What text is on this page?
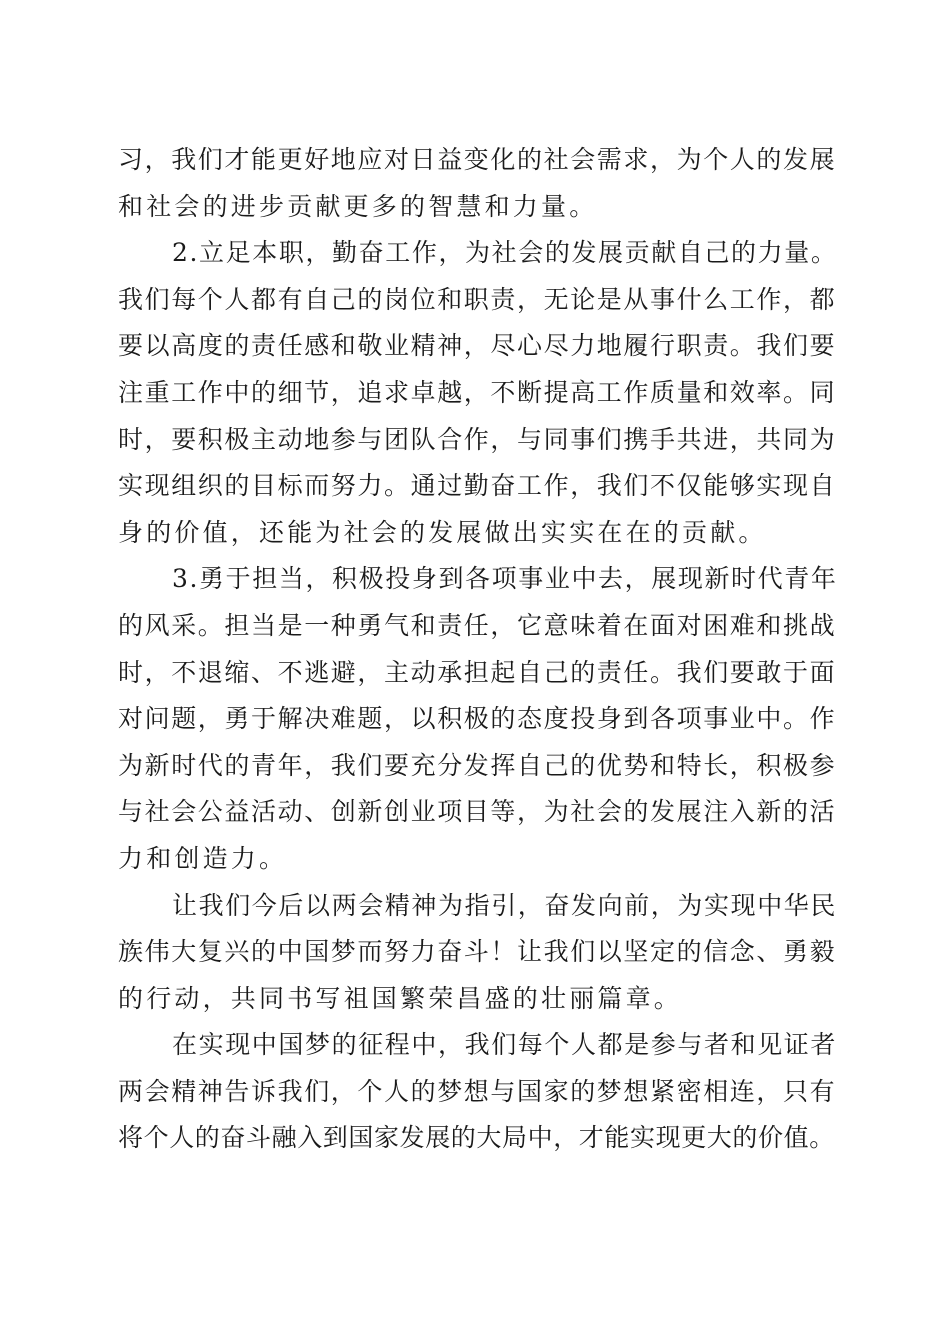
习，我们才能更好地应对日益变化的社会需求，为个人的发展
和社会的进步贡献更多的智慧和力量。
2.立足本职，勤奋工作，为社会的发展贡献自己的力量。
我们每个人都有自己的岗位和职责，无论是从事什么工作，都
要以高度的责任感和敬业精神，尽心尽力地履行职责。我们要
注重工作中的细节，追求卓越，不断提高工作质量和效率。同
时，要积极主动地参与团队合作，与同事们携手共进，共同为
实现组织的目标而努力。通过勤奋工作，我们不仅能够实现自
身的价值，还能为社会的发展做出实实在在的贡献。
3.勇于担当，积极投身到各项事业中去，展现新时代青年
的风采。担当是一种勇气和责任，它意味着在面对困难和挑战
时，不退缩、不逃避，主动承担起自己的责任。我们要敢于面
对问题，勇于解决难题，以积极的态度投身到各项事业中。作
为新时代的青年，我们要充分发挥自己的优势和特长，积极参
与社会公益活动、创新创业项目等，为社会的发展注入新的活
力和创造力。
让我们今后以两会精神为指引，奋发向前，为实现中华民
族伟大复兴的中国梦而努力奋斗！让我们以坚定的信念、勇毅
的行动，共同书写祖国繁荣昌盛的壮丽篇章。
在实现中国梦的征程中，我们每个人都是参与者和见证者
两会精神告诉我们，个人的梦想与国家的梦想紧密相连，只有
将个人的奋斗融入到国家发展的大局中，才能实现更大的价值。
